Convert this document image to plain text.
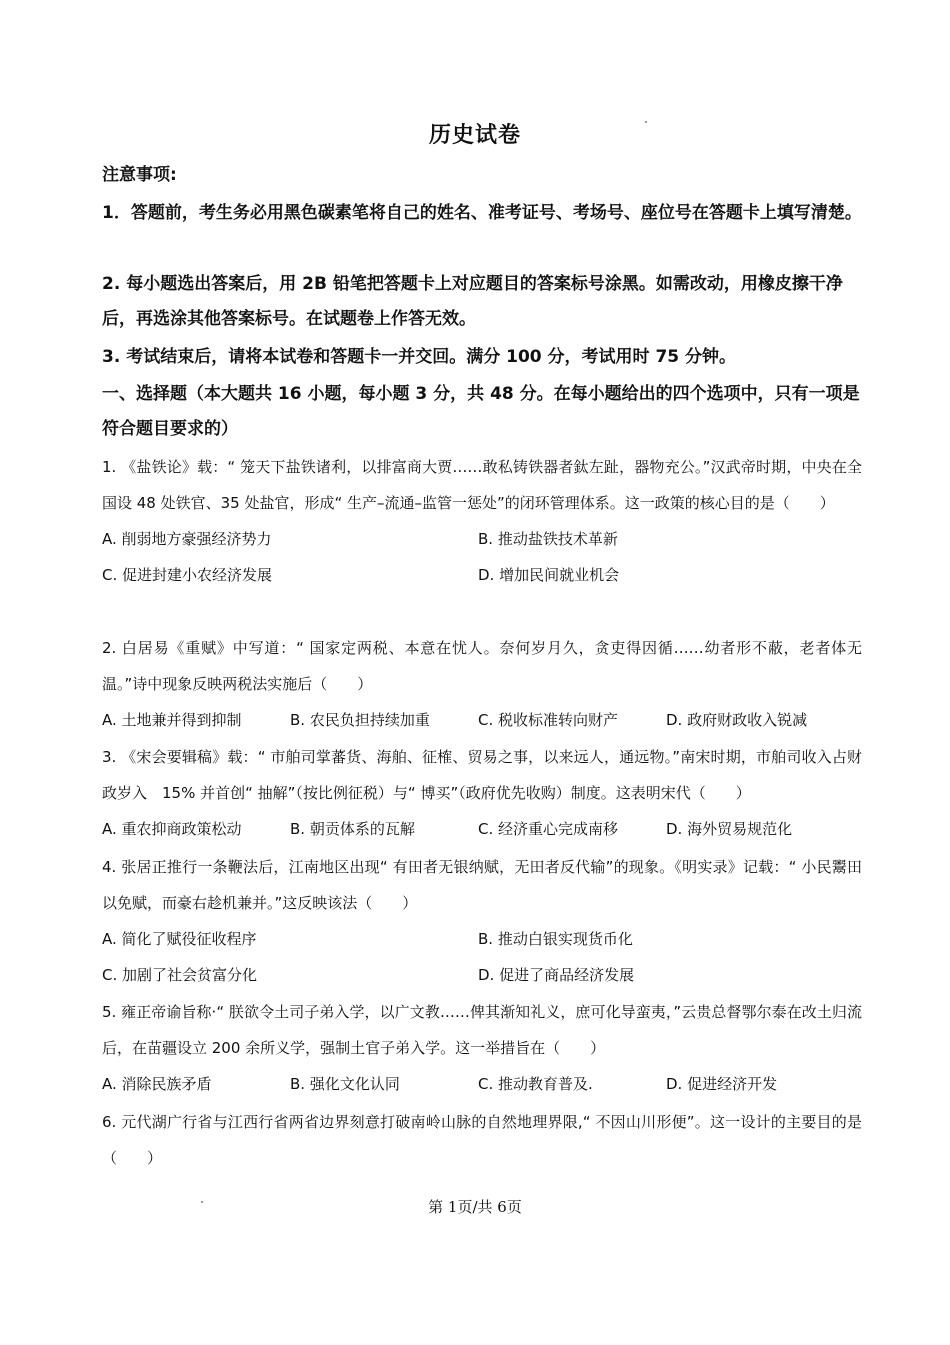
历史试卷
注意事项:
1．答题前，考生务必用黑色碳素笔将自己的姓名、准考证号、考场号、座位号在答题卡上填写清楚。
2. 每小题选出答案后，用 2B 铅笔把答题卡上对应题目的答案标号涂黑。如需改动，用橡皮擦干净后，再选涂其他答案标号。在试题卷上作答无效。
3. 考试结束后，请将本试卷和答题卡一并交回。满分 100 分，考试用时 75 分钟。
一、选择题（本大题共 16 小题，每小题 3 分，共 48 分。在每小题给出的四个选项中，只有一项是符合题目要求的）
1. 《盐铁论》载：“ 笼天下盐铁诸利，以排富商大贾……敢私铸铁器者鈦左趾，器物充公。”汉武帝时期，中央在全国设 48 处铁官、35 处盐官，形成“ 生产–流通–监管一惩处”的闭环管理体系。这一政策的核心目的是（　　）
A. 削弱地方豪强经济势力	B. 推动盐铁技术革新
C. 促进封建小农经济发展	D. 增加民间就业机会
2. 白居易《重赋》中写道：“ 国家定两税、本意在忧人。奈何岁月久，贪吏得因循……幼者形不蔽，老者体无温。”诗中现象反映两税法实施后（　　）
A. 土地兼并得到抑制	B. 农民负担持续加重	C. 税收标准转向财产	D. 政府财政收入锐减
3. 《宋会要辑稿》载：“ 市舶司掌蕃货、海舶、征榷、贸易之事，以来远人，通远物。”南宋时期，市舶司收入占财政岁入　15% 并首创“ 抽解”（按比例征税）与“ 博买”（政府优先收购）制度。这表明宋代（　　）
A. 重农抑商政策松动	B. 朝贡体系的瓦解	C. 经济重心完成南移	D. 海外贸易规范化
4. 张居正推行一条鞭法后，江南地区出现“ 有田者无银纳赋，无田者反代输”的现象。《明实录》记载：“ 小民鬻田以免赋，而豪右趁机兼并。”这反映该法（　　）
A. 简化了赋役征收程序	B. 推动白银实现货币化
C. 加剧了社会贫富分化	D. 促进了商品经济发展
5. 雍正帝谕旨称·“ 朕欲令土司子弟入学，以广文教……俾其渐知礼义，庶可化导蛮夷，”云贵总督鄂尔泰在改土归流后，在苗疆设立 200 余所义学，强制土官子弟入学。这一举措旨在（　　）
A. 消除民族矛盾	B. 强化文化认同	C. 推动教育普及.	D. 促进经济开发
6. 元代湖广行省与江西行省两省边界刻意打破南岭山脉的自然地理界限,“ 不因山川形便”。这一设计的主要目的是（　　）
第 1页/共 6页
